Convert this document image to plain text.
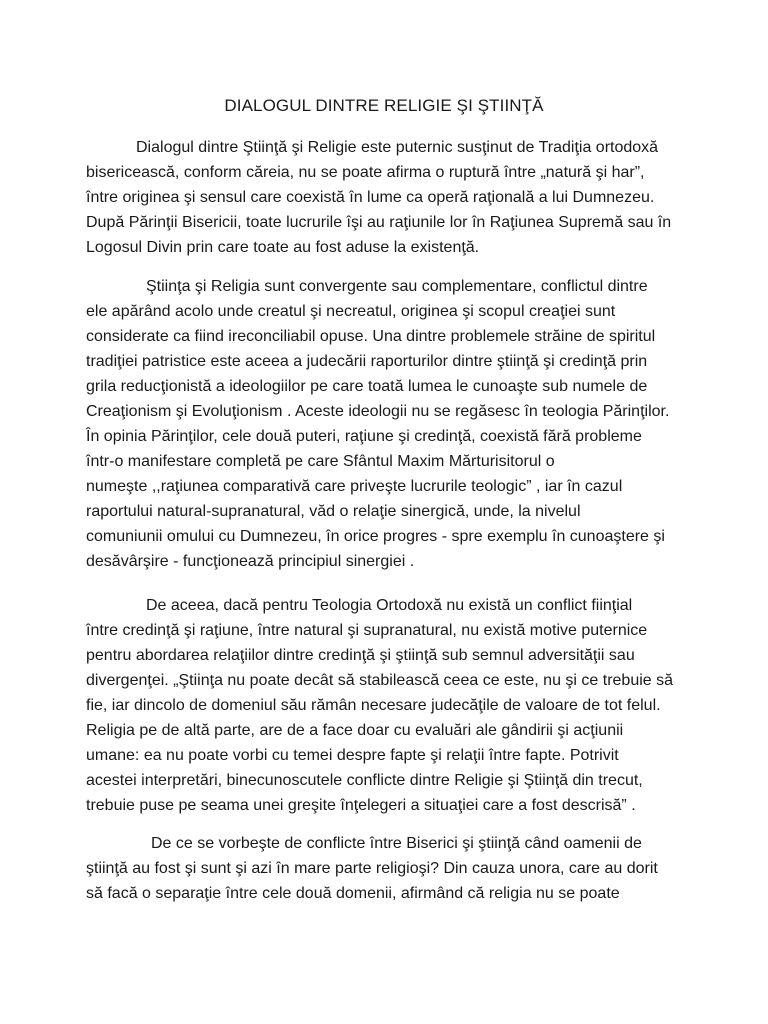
DIALOGUL DINTRE RELIGIE ŞI ŞTIINŢĂ
Dialogul dintre Ştiinţă şi Religie este puternic susţinut de Tradiţia ortodoxă
bisericească, conform căreia, nu se poate afirma o ruptură între „natură şi har”,
între originea şi sensul care coexistă în lume ca operă raţională a lui Dumnezeu.
După Părinţii Bisericii, toate lucrurile îşi au raţiunile lor în Raţiunea Supremă sau în
Logosul Divin prin care toate au fost aduse la existenţă.
Ştiinţa şi Religia sunt convergente sau complementare, conflictul dintre
ele apărând acolo unde creatul şi necreatul, originea şi scopul creaţiei sunt
considerate ca fiind ireconciliabil opuse. Una dintre problemele străine de spiritul
tradiţiei patristice este aceea a judecării raporturilor dintre ştiinţă şi credinţă prin
grila reducţionistă a ideologiilor pe care toată lumea le cunoaşte sub numele de
Creaţionism şi Evoluţionism . Aceste ideologii nu se regăsesc în teologia Părinţilor.
În opinia Părinţilor, cele două puteri, raţiune şi credinţă, coexistă fără probleme
într-o manifestare completă pe care Sfântul Maxim Mărturisitorul o
numeşte ,,raţiunea comparativă care priveşte lucrurile teologic” , iar în cazul
raportului natural-supranatural, văd o relaţie sinergică, unde, la nivelul
comuniunii omului cu Dumnezeu, în orice progres - spre exemplu în cunoaştere şi
desăvârşire - funcţionează principiul sinergiei .
De aceea, dacă pentru Teologia Ortodoxă nu există un conflict fiinţial
între credinţă şi raţiune, între natural şi supranatural, nu există motive puternice
pentru abordarea relaţiilor dintre credinţă şi ştiinţă sub semnul adversităţii sau
divergenţei. „Ştiinţa nu poate decât să stabilească ceea ce este, nu şi ce trebuie să
fie, iar dincolo de domeniul său rămân necesare judecăţile de valoare de tot felul.
Religia pe de altă parte, are de a face doar cu evaluări ale gândirii şi acţiunii
umane: ea nu poate vorbi cu temei despre fapte şi relaţii între fapte. Potrivit
acestei interpretări, binecunoscutele conflicte dintre Religie şi Ştiinţă din trecut,
trebuie puse pe seama unei greşite înţelegeri a situaţiei care a fost descrisă” .
De ce se vorbeşte de conflicte între Biserici şi ştiinţă când oamenii de
ştiinţă au fost şi sunt şi azi în mare parte religioşi? Din cauza unora, care au dorit
să facă o separaţie între cele două domenii, afirmând că religia nu se poate
